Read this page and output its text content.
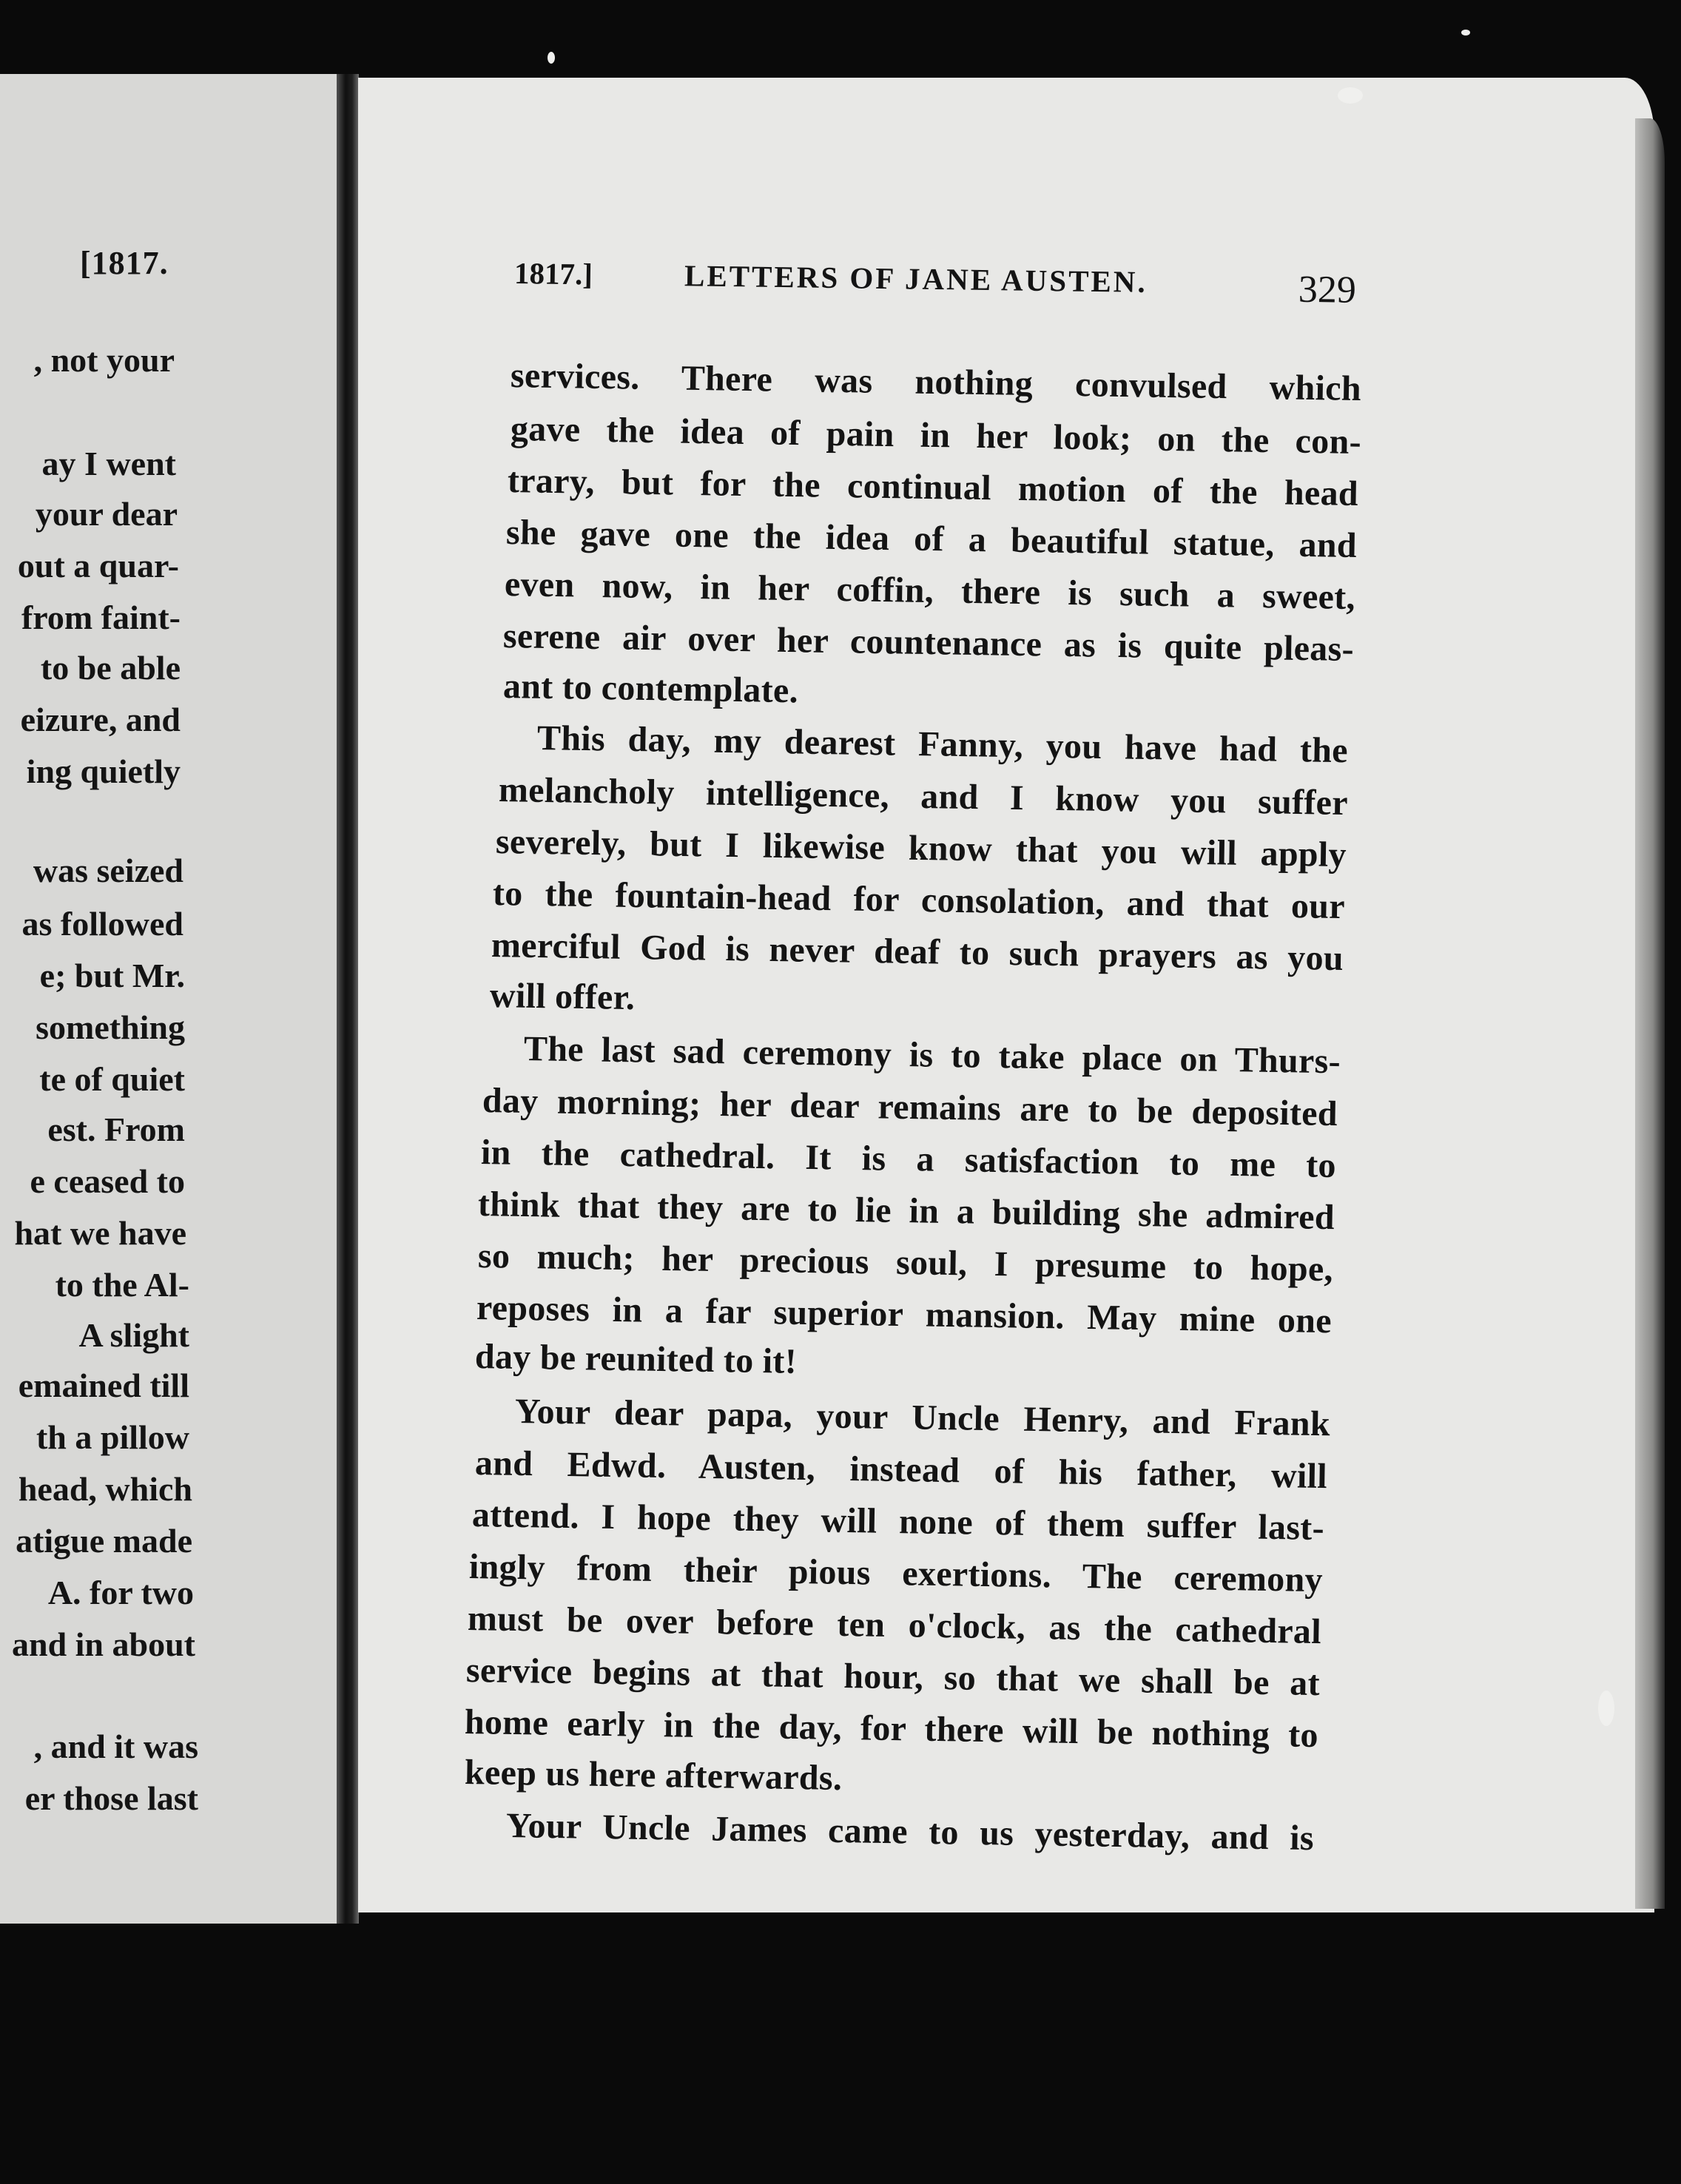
[1817.
, not your
ay I went
your dear
out a quar-
from faint-
to be able
eizure, and
ing quietly
was seized
as followed
e; but Mr.
something
te of quiet
est. From
e ceased to
hat we have
to the Al-
A slight
emained till
th a pillow
head, which
atigue made
A. for two
and in about
, and it was
er those last
1817.]	LETTERS OF JANE AUSTEN.	329
services. There was nothing convulsed which
gave the idea of pain in her look; on the con-
trary, but for the continual motion of the head
she gave one the idea of a beautiful statue, and
even now, in her coffin, there is such a sweet,
serene air over her countenance as is quite pleas-
ant to contemplate.
This day, my dearest Fanny, you have had the
melancholy intelligence, and I know you suffer
severely, but I likewise know that you will apply
to the fountain-head for consolation, and that our
merciful God is never deaf to such prayers as you
will offer.
The last sad ceremony is to take place on Thurs-
day morning; her dear remains are to be deposited
in the cathedral. It is a satisfaction to me to
think that they are to lie in a building she admired
so much; her precious soul, I presume to hope,
reposes in a far superior mansion. May mine one
day be reunited to it!
Your dear papa, your Uncle Henry, and Frank
and Edwd. Austen, instead of his father, will
attend. I hope they will none of them suffer last-
ingly from their pious exertions. The ceremony
must be over before ten o'clock, as the cathedral
service begins at that hour, so that we shall be at
home early in the day, for there will be nothing to
keep us here afterwards.
Your Uncle James came to us yesterday, and is
